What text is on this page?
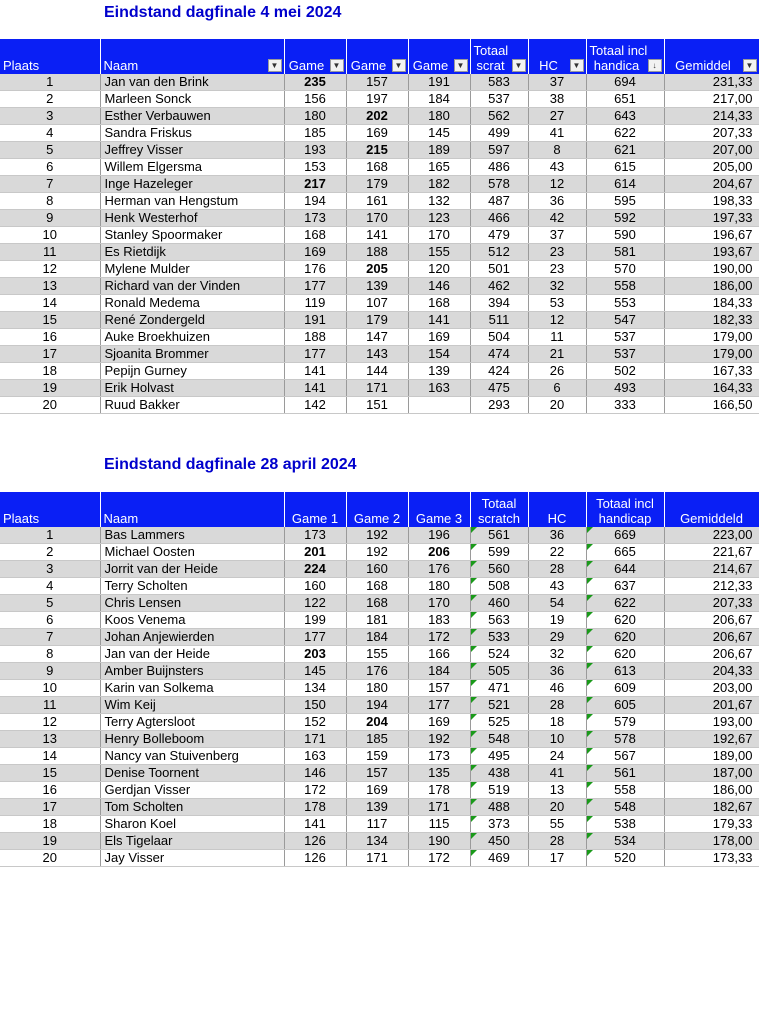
Eindstand dagfinale 4 mei 2024
Plaats	Naam ▼	Game ▼	Game ▼	Game ▼	Totaal
scrat ▼	HC ▼	Totaal incl
handica ↓	Gemiddel ▼

1	Jan van den Brink	235	157	191	583	37	694	231,33
2	Marleen Sonck	156	197	184	537	38	651	217,00
3	Esther Verbauwen	180	202	180	562	27	643	214,33
4	Sandra Friskus	185	169	145	499	41	622	207,33
5	Jeffrey Visser	193	215	189	597	8	621	207,00
6	Willem Elgersma	153	168	165	486	43	615	205,00
7	Inge Hazeleger	217	179	182	578	12	614	204,67
8	Herman van Hengstum	194	161	132	487	36	595	198,33
9	Henk Westerhof	173	170	123	466	42	592	197,33
10	Stanley Spoormaker	168	141	170	479	37	590	196,67
11	Es Rietdijk	169	188	155	512	23	581	193,67
12	Mylene Mulder	176	205	120	501	23	570	190,00
13	Richard van der Vinden	177	139	146	462	32	558	186,00
14	Ronald Medema	119	107	168	394	53	553	184,33
15	René Zondergeld	191	179	141	511	12	547	182,33
16	Auke Broekhuizen	188	147	169	504	11	537	179,00
17	Sjoanita Brommer	177	143	154	474	21	537	179,00
18	Pepijn Gurney	141	144	139	424	26	502	167,33
19	Erik Holvast	141	171	163	475	6	493	164,33
20	Ruud Bakker	142	151		293	20	333	166,50
Eindstand dagfinale 28 april 2024
Plaats	Naam	Game 1	Game 2	Game 3	Totaal
scratch	HC	Totaal incl
handicap	Gemiddeld
1	Bas Lammers	173	192	196	561	36	669	223,00
2	Michael Oosten	201	192	206	599	22	665	221,67
3	Jorrit van der Heide	224	160	176	560	28	644	214,67
4	Terry Scholten	160	168	180	508	43	637	212,33
5	Chris Lensen	122	168	170	460	54	622	207,33
6	Koos Venema	199	181	183	563	19	620	206,67
7	Johan Anjewierden	177	184	172	533	29	620	206,67
8	Jan van der Heide	203	155	166	524	32	620	206,67
9	Amber Buijnsters	145	176	184	505	36	613	204,33
10	Karin van Solkema	134	180	157	471	46	609	203,00
11	Wim Keij	150	194	177	521	28	605	201,67
12	Terry Agtersloot	152	204	169	525	18	579	193,00
13	Henry Bolleboom	171	185	192	548	10	578	192,67
14	Nancy van Stuivenberg	163	159	173	495	24	567	189,00
15	Denise Toornent	146	157	135	438	41	561	187,00
16	Gerdjan Visser	172	169	178	519	13	558	186,00
17	Tom Scholten	178	139	171	488	20	548	182,67
18	Sharon Koel	141	117	115	373	55	538	179,33
19	Els Tigelaar	126	134	190	450	28	534	178,00
20	Jay Visser	126	171	172	469	17	520	173,33
